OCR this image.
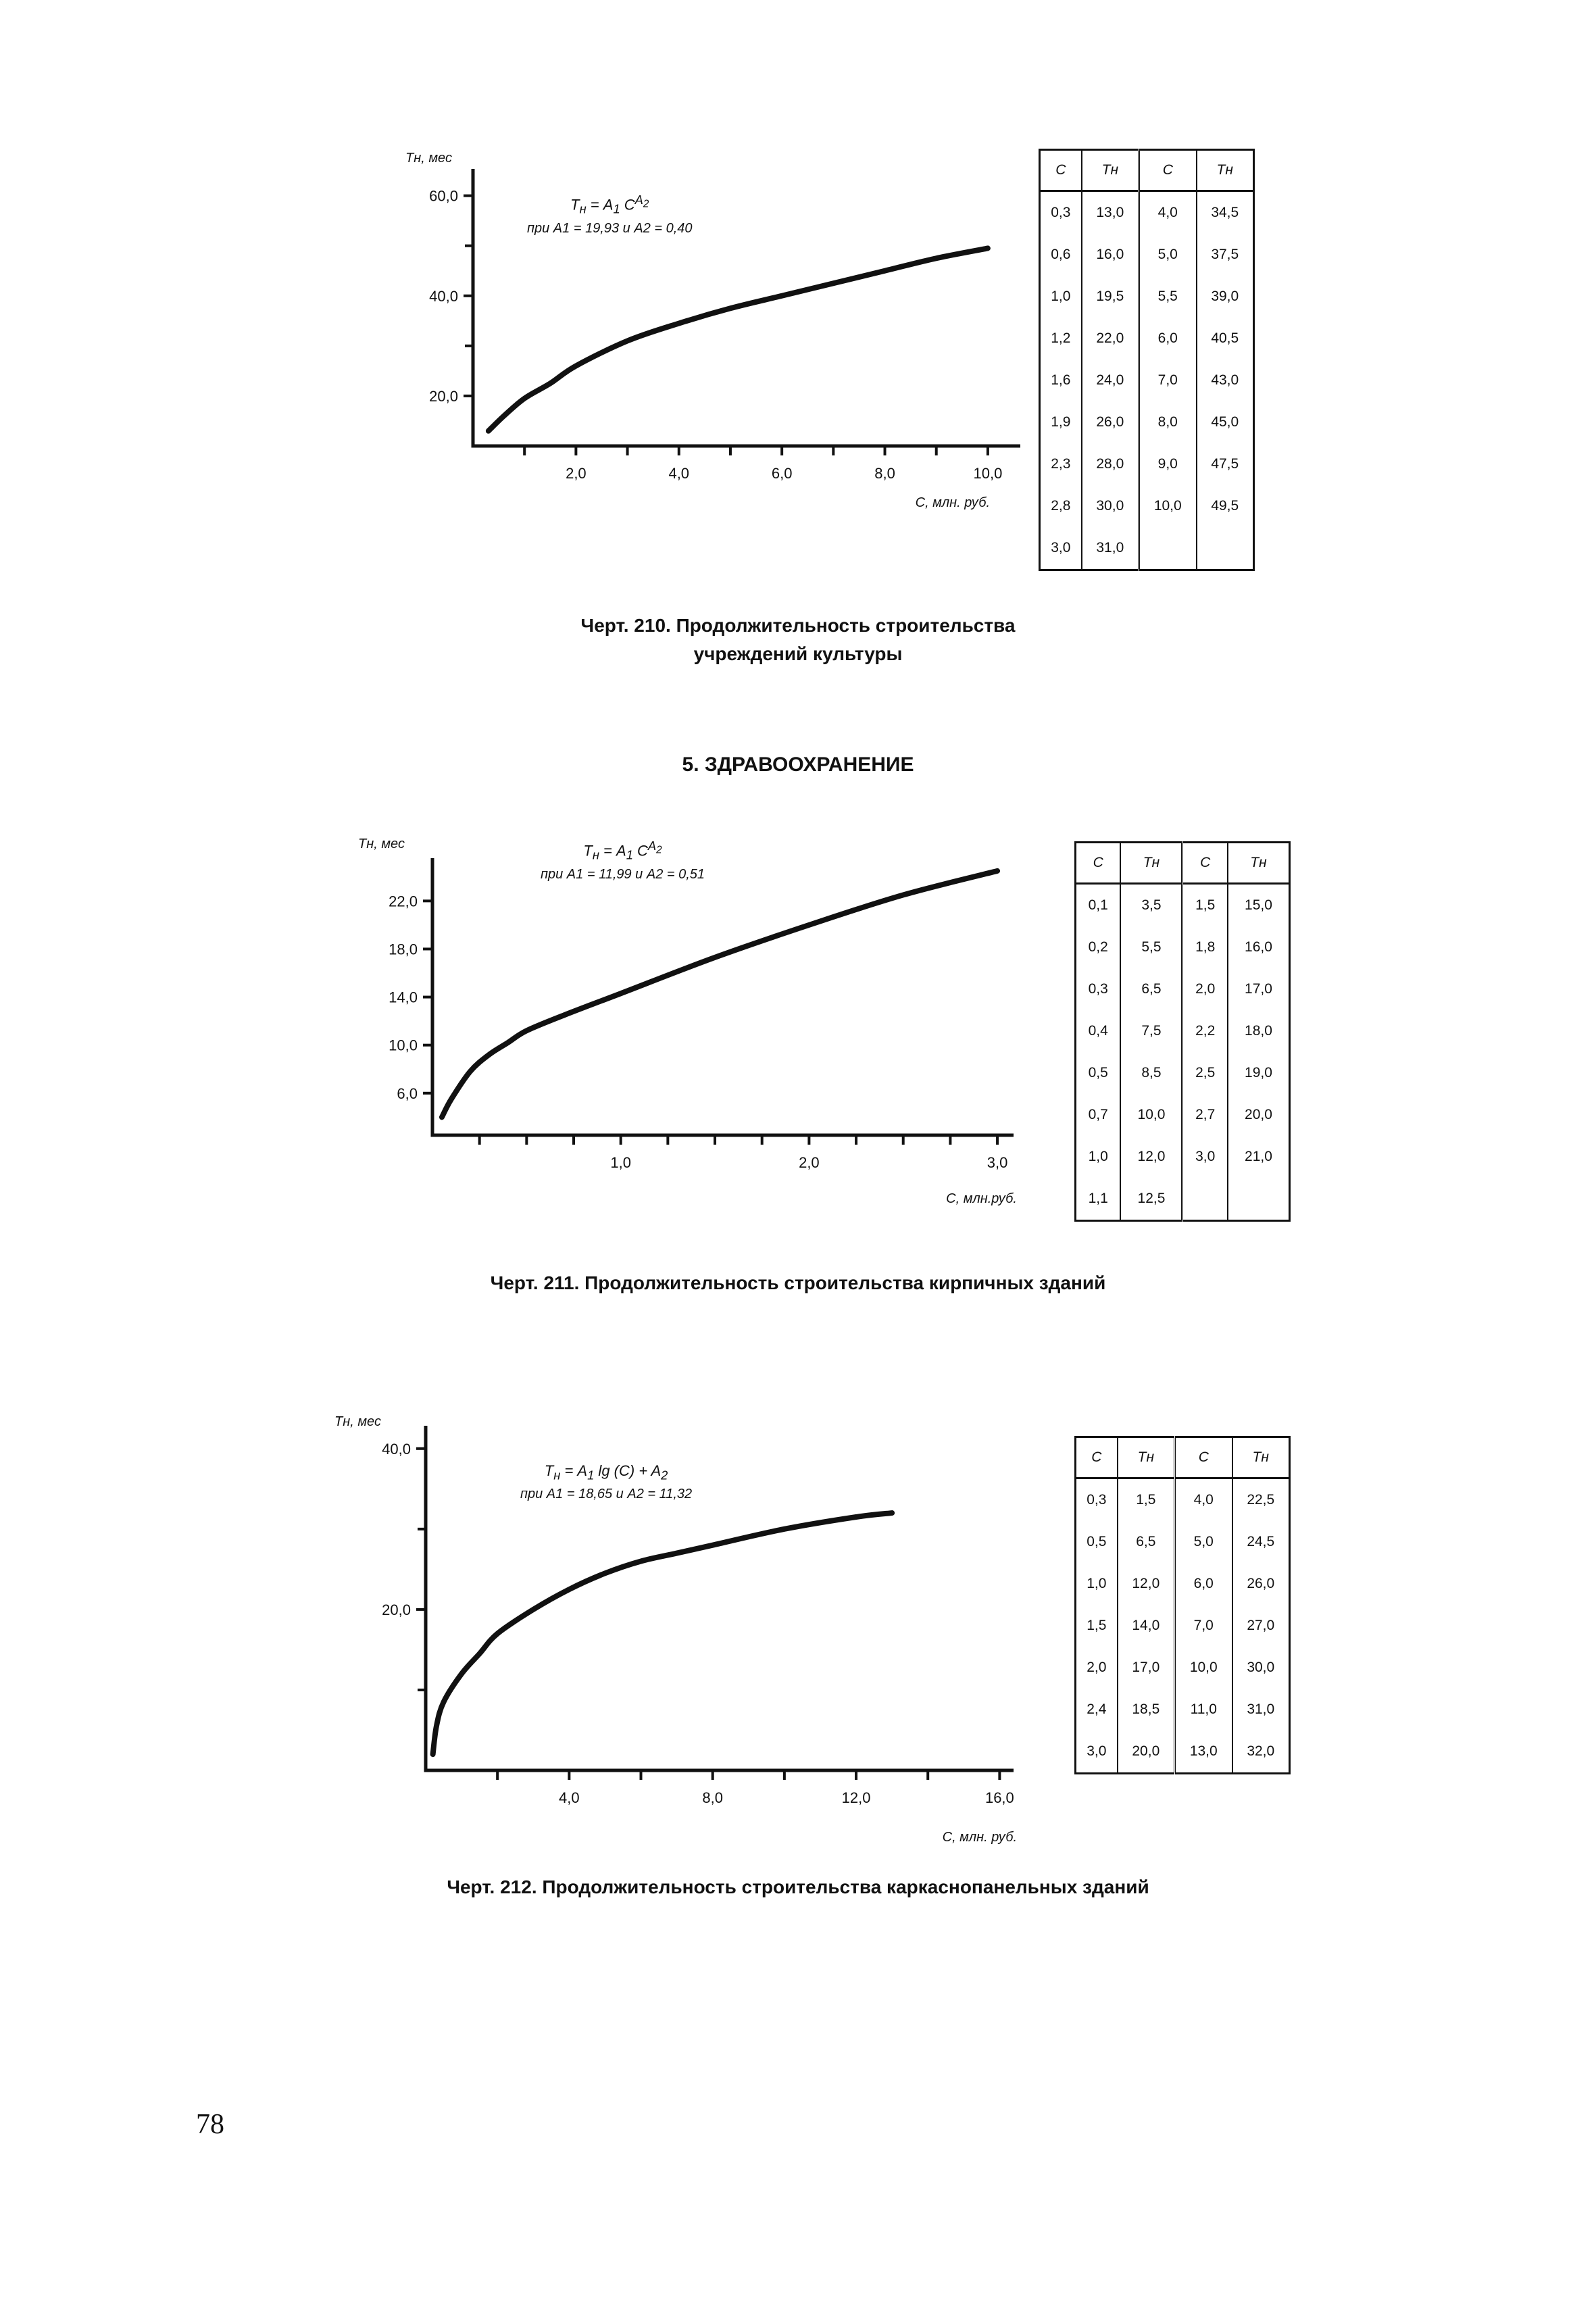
Tн, мес
60,0
40,0
20,0
2,0	4,0	6,0	8,0	10,0
С, млн. руб.
$T_н = A_1$ $C^{A_2}$
при A1 = 19,93 и A2 = 0,40
С	Tн	С	Tн
0,3	13,0	4,0	34,5
0,6	16,0	5,0	37,5
1,0	19,5	5,5	39,0
1,2	22,0	6,0	40,5
1,6	24,0	7,0	43,0
1,9	26,0	8,0	45,0
2,3	28,0	9,0	47,5
2,8	30,0	10,0	49,5
3,0	31,0		
Черт. 210. Продолжительность строительства
учреждений культуры
5. ЗДРАВООХРАНЕНИЕ
Tн, мес
22,0
18,0
14,0
10,0
6,0
1,0	2,0	3,0
С, млн.руб.
$T_н = A_1$ $C^{A_2}$
при A1 = 11,99 и A2 = 0,51
С	Tн	С	Tн
0,1	3,5	1,5	15,0
0,2	5,5	1,8	16,0
0,3	6,5	2,0	17,0
0,4	7,5	2,2	18,0
0,5	8,5	2,5	19,0
0,7	10,0	2,7	20,0
1,0	12,0	3,0	21,0
1,1	12,5		
Черт. 211. Продолжительность строительства кирпичных зданий
Tн, мес
40,0
20,0
4,0	8,0	12,0	16,0
С, млн. руб.
$T_н = A_1$ $\lg (C) + A_2$
при A1 = 18,65 и A2 = 11,32
С	Tн	С	Tн
0,3	1,5	4,0	22,5
0,5	6,5	5,0	24,5
1,0	12,0	6,0	26,0
1,5	14,0	7,0	27,0
2,0	17,0	10,0	30,0
2,4	18,5	11,0	31,0
3,0	20,0	13,0	32,0
Черт. 212. Продолжительность строительства каркаснопанельных зданий
78
